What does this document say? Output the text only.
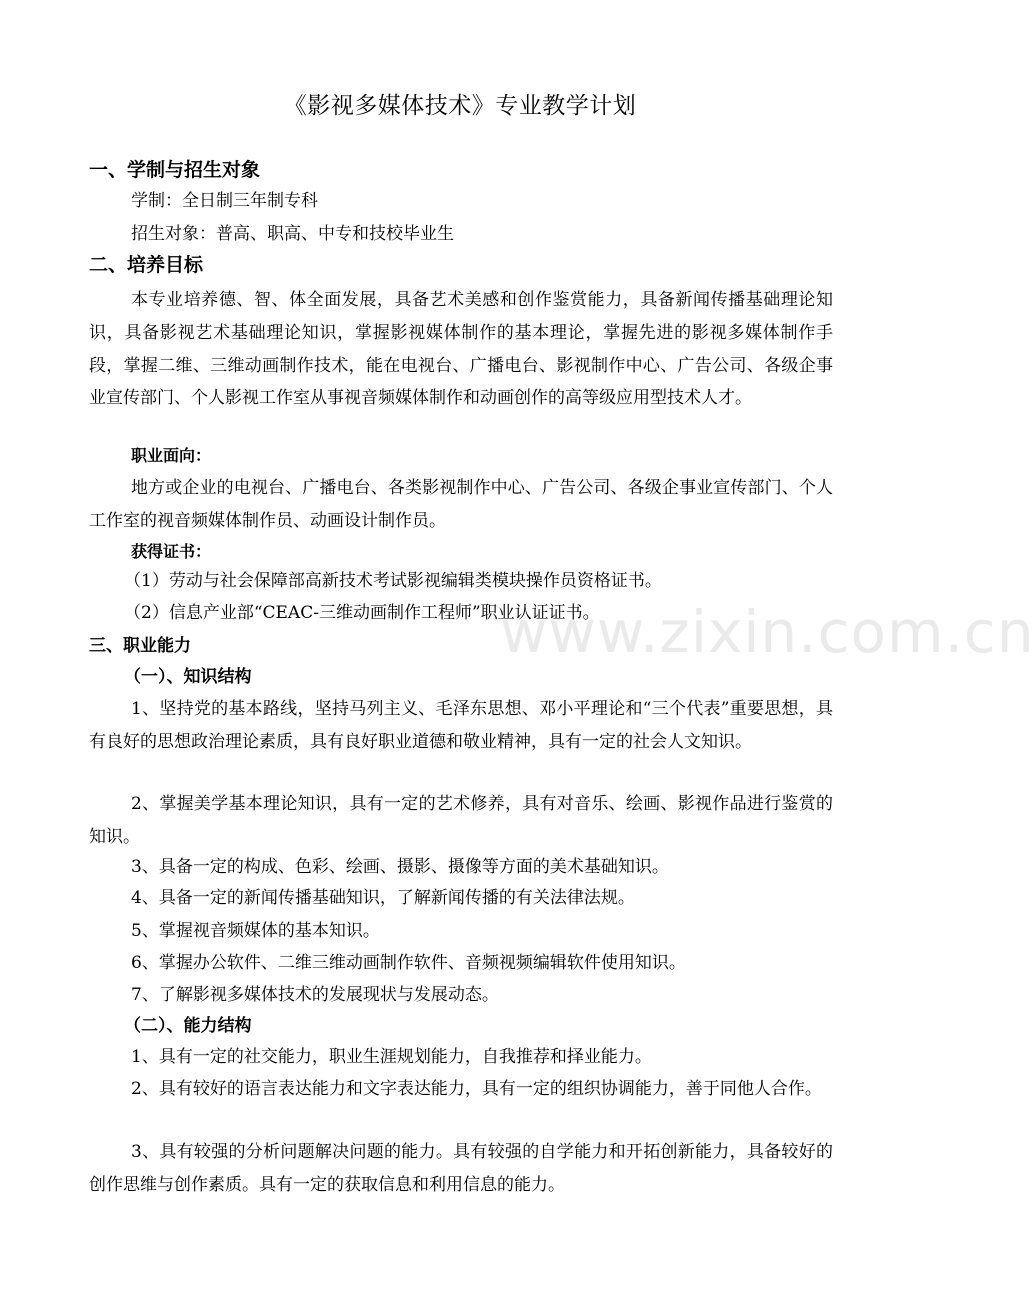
www.zixin.com.cn
《影视多媒体技术》专业教学计划
一、学制与招生对象
学制：全日制三年制专科
招生对象：普高、职高、中专和技校毕业生
二、培养目标
本专业培养德、智、体全面发展，具备艺术美感和创作鉴赏能力，具备新闻传播基础理论知识，具备影视艺术基础理论知识，掌握影视媒体制作的基本理论，掌握先进的影视多媒体制作手段，掌握二维、三维动画制作技术，能在电视台、广播电台、影视制作中心、广告公司、各级企事业宣传部门、个人影视工作室从事视音频媒体制作和动画创作的高等级应用型技术人才。
职业面向：
地方或企业的电视台、广播电台、各类影视制作中心、广告公司、各级企事业宣传部门、个人工作室的视音频媒体制作员、动画设计制作员。
获得证书：
（1）劳动与社会保障部高新技术考试影视编辑类模块操作员资格证书。
（2）信息产业部“CEAC-三维动画制作工程师”职业认证证书。
三、职业能力
（一）、知识结构
1、坚持党的基本路线，坚持马列主义、毛泽东思想、邓小平理论和“三个代表”重要思想，具有良好的思想政治理论素质，具有良好职业道德和敬业精神，具有一定的社会人文知识。
2、掌握美学基本理论知识，具有一定的艺术修养，具有对音乐、绘画、影视作品进行鉴赏的知识。
3、具备一定的构成、色彩、绘画、摄影、摄像等方面的美术基础知识。
4、具备一定的新闻传播基础知识，了解新闻传播的有关法律法规。
5、掌握视音频媒体的基本知识。
6、掌握办公软件、二维三维动画制作软件、音频视频编辑软件使用知识。
7、了解影视多媒体技术的发展现状与发展动态。
（二）、能力结构
1、具有一定的社交能力，职业生涯规划能力，自我推荐和择业能力。
2、具有较好的语言表达能力和文字表达能力，具有一定的组织协调能力，善于同他人合作。
3、具有较强的分析问题解决问题的能力。具有较强的自学能力和开拓创新能力，具备较好的创作思维与创作素质。具有一定的获取信息和利用信息的能力。
